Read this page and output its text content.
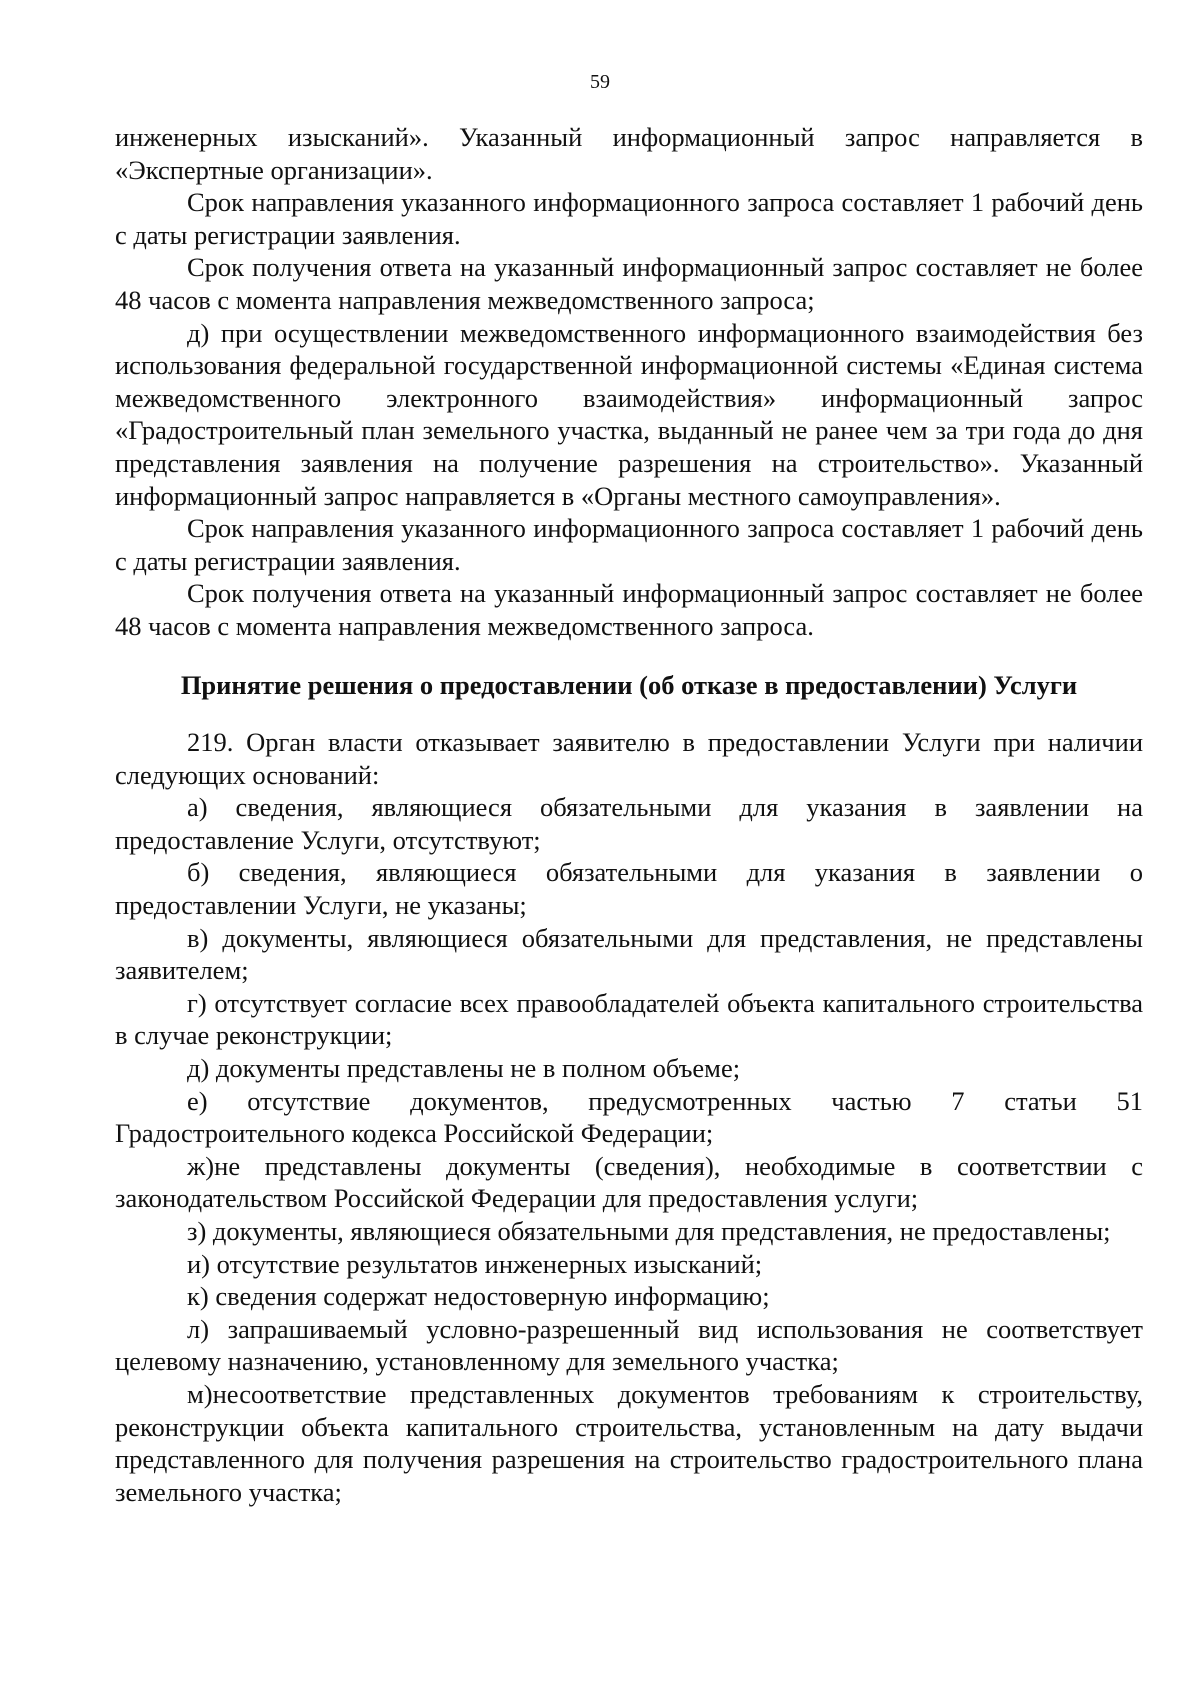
59

инженерных изысканий». Указанный информационный запрос направляется в «Экспертные организации».

Срок направления указанного информационного запроса составляет 1 рабочий день с даты регистрации заявления.

Срок получения ответа на указанный информационный запрос составляет не более 48 часов с момента направления межведомственного запроса;

д) при осуществлении межведомственного информационного взаимодействия без использования федеральной государственной информационной системы «Единая система межведомственного электронного взаимодействия» информационный запрос «Градостроительный план земельного участка, выданный не ранее чем за три года до дня представления заявления на получение разрешения на строительство». Указанный информационный запрос направляется в «Органы местного самоуправления».

Срок направления указанного информационного запроса составляет 1 рабочий день с даты регистрации заявления.

Срок получения ответа на указанный информационный запрос составляет не более 48 часов с момента направления межведомственного запроса.

Принятие решения о предоставлении (об отказе в предоставлении) Услуги

219. Орган власти отказывает заявителю в предоставлении Услуги при наличии следующих оснований:

а) сведения, являющиеся обязательными для указания в заявлении на предоставление Услуги, отсутствуют;

б) сведения, являющиеся обязательными для указания в заявлении о предоставлении Услуги, не указаны;

в) документы, являющиеся обязательными для представления, не представлены заявителем;

г) отсутствует согласие всех правообладателей объекта капитального строительства в случае реконструкции;

д) документы представлены не в полном объеме;

е) отсутствие документов, предусмотренных частью 7 статьи 51 Градостроительного кодекса Российской Федерации;

ж)не представлены документы (сведения), необходимые в соответствии с законодательством Российской Федерации для предоставления услуги;

з) документы, являющиеся обязательными для представления, не предоставлены;

и) отсутствие результатов инженерных изысканий;

к) сведения содержат недостоверную информацию;

л) запрашиваемый условно-разрешенный вид использования не соответствует целевому назначению, установленному для земельного участка;

м)несоответствие представленных документов требованиям к строительству, реконструкции объекта капитального строительства, установленным на дату выдачи представленного для получения разрешения на строительство градостроительного плана земельного участка;
